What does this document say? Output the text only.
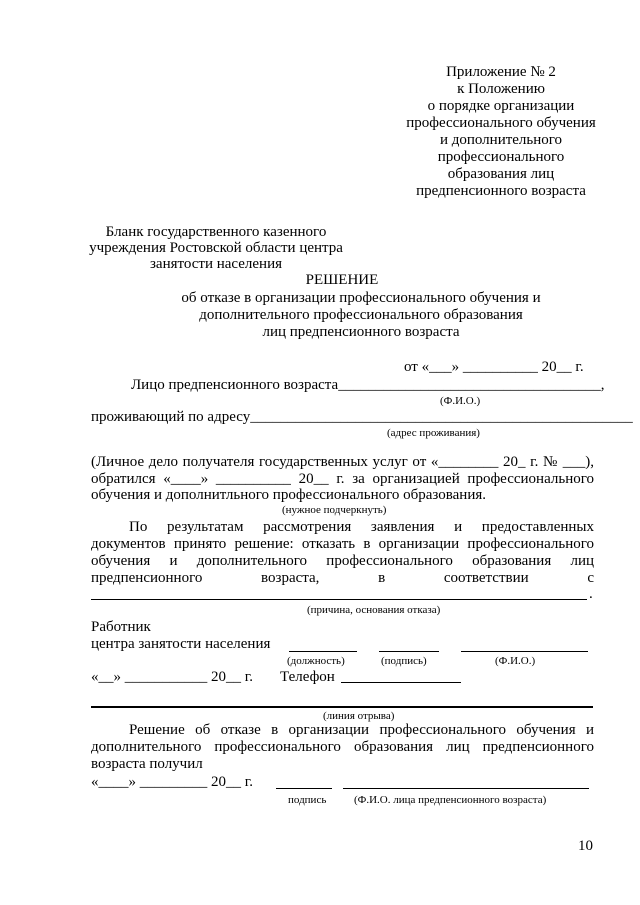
Приложение № 2
к Положению
о порядке организации
профессионального обучения
и дополнительного
профессионального
образования лиц
предпенсионного возраста
Бланк государственного казенного
учреждения Ростовской области центра
занятости населения
РЕШЕНИЕ
об отказе в организации профессионального обучения и
дополнительного профессионального образования
лиц предпенсионного возраста
от «___» __________ 20__ г.
Лицо предпенсионного возраста___________________________________,
(Ф.И.О.)
проживающий по адресу___________________________________________________
(адрес проживания)
(Личное дело получателя государственных услуг от «________ 20_ г. № ___),
обратился «____» __________ 20__ г. за организацией профессионального
обучения и дополнитльного профессионального образования.
(нужное подчеркнуть)
По результатам рассмотрения заявления и предоставленных
документов принято решение: отказать в организации профессионального
обучения и дополнительного профессионального образования лиц
предпенсионного возраста, в соответствии с
.
(причина, основания отказа)
Работник
центра занятости населения
(должность)	(подпись)	(Ф.И.О.)
«__» ___________ 20__ г. Телефон
(линия отрыва)
Решение об отказе в организации профессионального обучения и
дополнительного профессионального образования лиц предпенсионного
возраста получил
«____» _________ 20__ г.
подпись	(Ф.И.О. лица предпенсионного возраста)
10
